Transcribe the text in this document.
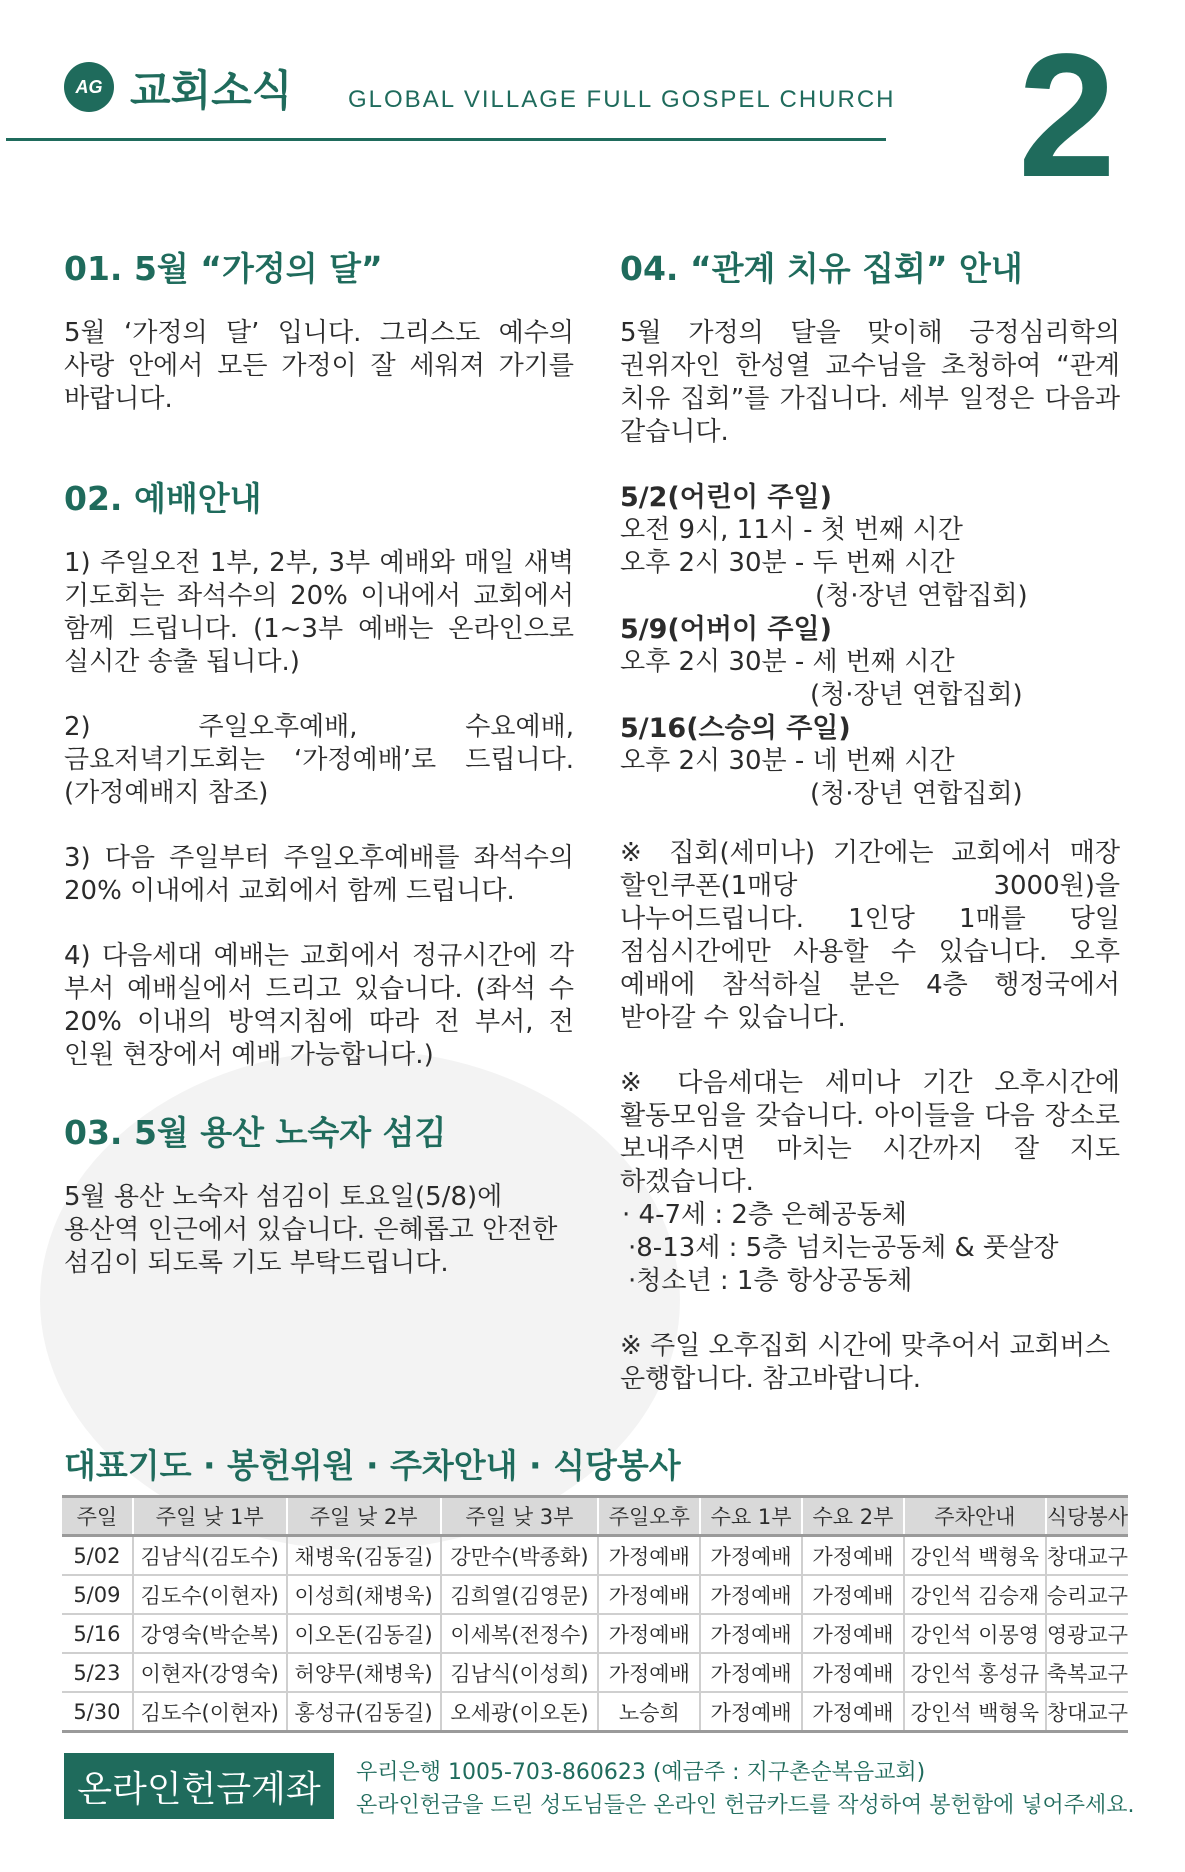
AG 교회소식 GLOBAL VILLAGE FULL GOSPEL CHURCH 2
01. 5월 “가정의 달”

5월 ‘가정의 달’ 입니다. 그리스도 예수의 사랑 안에서 모든 가정이 잘 세워져 가기를 바랍니다.

02. 예배안내

1) 주일오전 1부, 2부, 3부 예배와 매일 새벽 기도회는 좌석수의 20% 이내에서 교회에서 함께 드립니다. (1~3부 예배는 온라인으로 실시간 송출 됩니다.)

2) 주일오후예배, 수요예배, 금요저녁기도회는 ‘가정예배’로 드립니다. (가정예배지 참조)

3) 다음 주일부터 주일오후예배를 좌석수의 20% 이내에서 교회에서 함께 드립니다.

4) 다음세대 예배는 교회에서 정규시간에 각 부서 예배실에서 드리고 있습니다. (좌석 수 20% 이내의 방역지침에 따라 전 부서, 전 인원 현장에서 예배 가능합니다.)

03. 5월 용산 노숙자 섬김

5월 용산 노숙자 섬김이 토요일(5/8)에 용산역 인근에서 있습니다. 은혜롭고 안전한 섬김이 되도록 기도 부탁드립니다.

04. “관계 치유 집회” 안내

5월 가정의 달을 맞이해 긍정심리학의 권위자인 한성열 교수님을 초청하여 “관계 치유 집회”를 가집니다. 세부 일정은 다음과 같습니다.

5/2(어린이 주일)
오전 9시, 11시 - 첫 번째 시간
오후 2시 30분 - 두 번째 시간
(청·장년 연합집회)
5/9(어버이 주일)
오후 2시 30분 - 세 번째 시간
(청·장년 연합집회)
5/16(스승의 주일)
오후 2시 30분 - 네 번째 시간
(청·장년 연합집회)

※ 집회(세미나) 기간에는 교회에서 매장 할인쿠폰(1매당 3000원)을 나누어드립니다. 1인당 1매를 당일 점심시간에만 사용할 수 있습니다. 오후 예배에 참석하실 분은 4층 행정국에서 받아갈 수 있습니다.

※ 다음세대는 세미나 기간 오후시간에 활동모임을 갖습니다. 아이들을 다음 장소로 보내주시면 마치는 시간까지 잘 지도 하겠습니다.

· 4-7세 : 2층 은혜공동체
·8-13세 : 5층 넘치는공동체 & 풋살장
·청소년 : 1층 항상공동체

※ 주일 오후집회 시간에 맞추어서 교회버스 운행합니다. 참고바랍니다.

대표기도 · 봉헌위원 · 주차안내 · 식당봉사
주일	주일 낮 1부	주일 낮 2부	주일 낮 3부	주일오후	수요 1부	수요 2부	주차안내	식당봉사
5/02	김남식(김도수)	채병욱(김동길)	강만수(박종화)	가정예배	가정예배	가정예배	강인석 백형욱	창대교구
5/09	김도수(이현자)	이성희(채병욱)	김희열(김영문)	가정예배	가정예배	가정예배	강인석 김승재	승리교구
5/16	강영숙(박순복)	이오돈(김동길)	이세복(전정수)	가정예배	가정예배	가정예배	강인석 이몽영	영광교구
5/23	이현자(강영숙)	허양무(채병욱)	김남식(이성희)	가정예배	가정예배	가정예배	강인석 홍성규	축복교구
5/30	김도수(이현자)	홍성규(김동길)	오세광(이오돈)	노승희	가정예배	가정예배	강인석 백형욱	창대교구
온라인헌금계좌	우리은행 1005-703-860623 (예금주 : 지구촌순복음교회)
온라인헌금을 드린 성도님들은 온라인 헌금카드를 작성하여 봉헌함에 넣어주세요.
